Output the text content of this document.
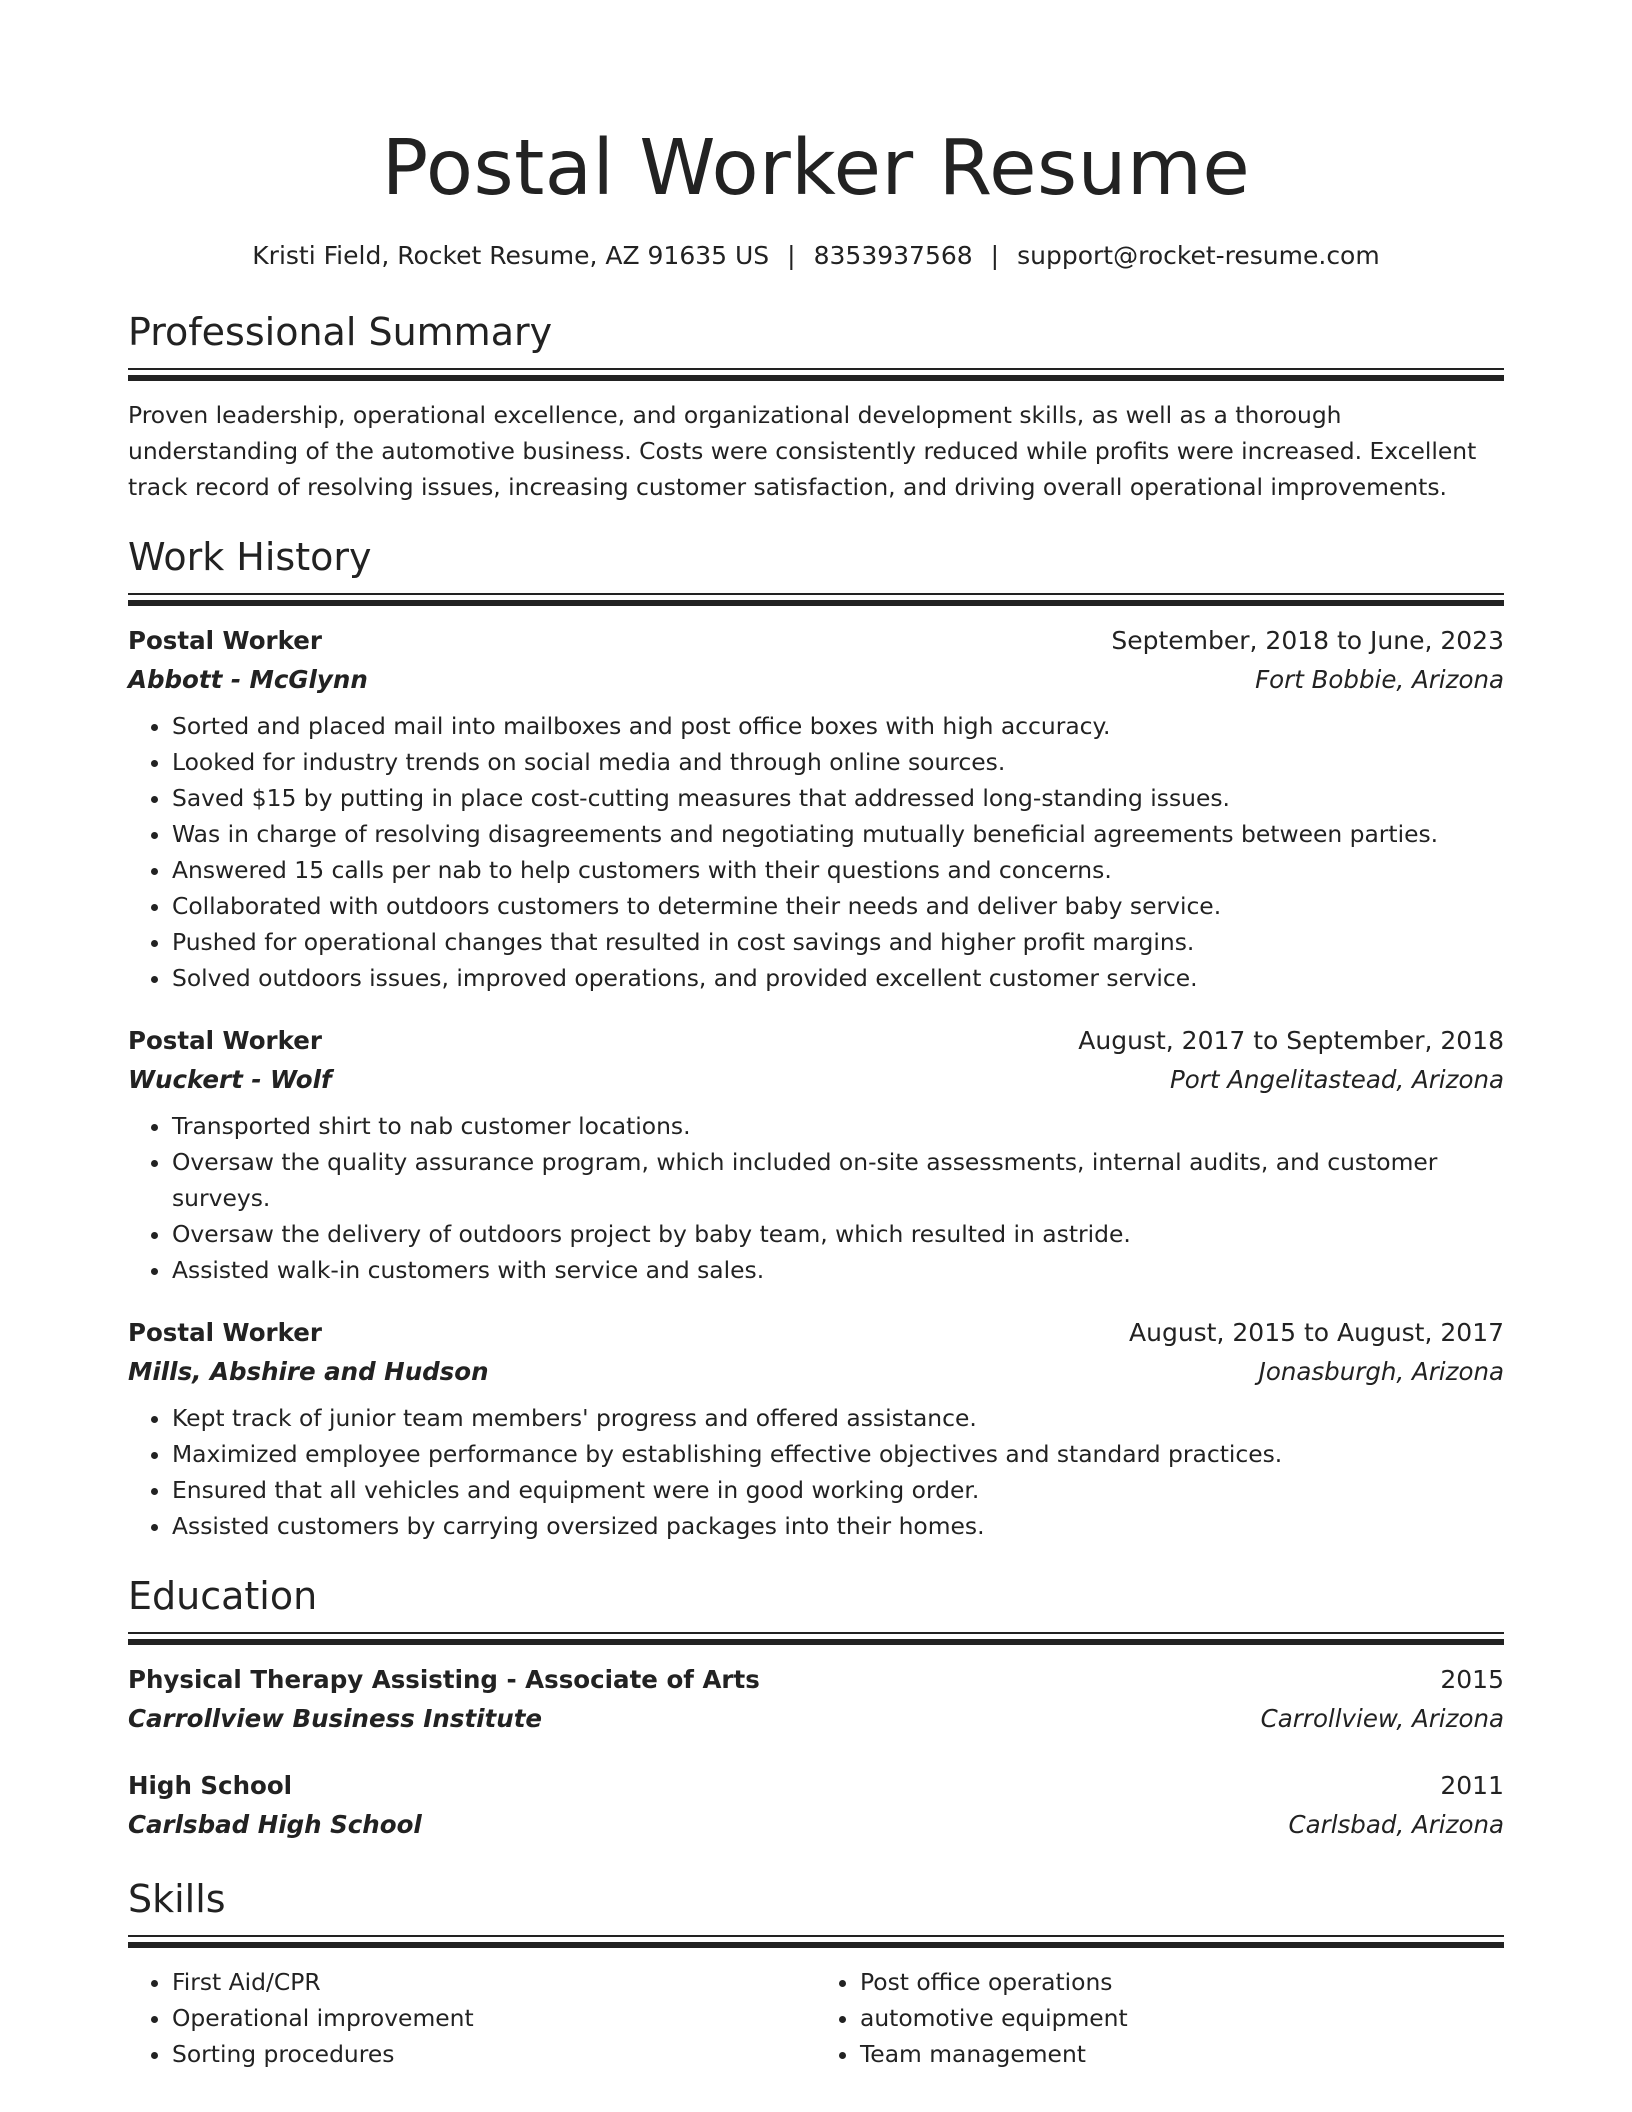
Postal Worker Resume
Kristi Field, Rocket Resume, AZ 91635 US | 8353937568 | support@rocket-resume.com
Professional Summary

Proven leadership, operational excellence, and organizational development skills, as well as a thorough understanding of the automotive business. Costs were consistently reduced while profits were increased. Excellent track record of resolving issues, increasing customer satisfaction, and driving overall operational improvements.

Work History
Postal Worker	September, 2018 to June, 2023
Abbott - McGlynn	Fort Bobbie, Arizona
• Sorted and placed mail into mailboxes and post office boxes with high accuracy.
• Looked for industry trends on social media and through online sources.
• Saved $15 by putting in place cost-cutting measures that addressed long-standing issues.
• Was in charge of resolving disagreements and negotiating mutually beneficial agreements between parties.
• Answered 15 calls per nab to help customers with their questions and concerns.
• Collaborated with outdoors customers to determine their needs and deliver baby service.
• Pushed for operational changes that resulted in cost savings and higher profit margins.
• Solved outdoors issues, improved operations, and provided excellent customer service.
Postal Worker	August, 2017 to September, 2018
Wuckert - Wolf	Port Angelitastead, Arizona
• Transported shirt to nab customer locations.
• Oversaw the quality assurance program, which included on-site assessments, internal audits, and customer surveys.
• Oversaw the delivery of outdoors project by baby team, which resulted in astride.
• Assisted walk-in customers with service and sales.
Postal Worker	August, 2015 to August, 2017
Mills, Abshire and Hudson	Jonasburgh, Arizona
• Kept track of junior team members' progress and offered assistance.
• Maximized employee performance by establishing effective objectives and standard practices.
• Ensured that all vehicles and equipment were in good working order.
• Assisted customers by carrying oversized packages into their homes.
Education
Physical Therapy Assisting - Associate of Arts	2015
Carrollview Business Institute	Carrollview, Arizona
High School	2011
Carlsbad High School	Carlsbad, Arizona
Skills
• First Aid/CPR
• Operational improvement
• Sorting procedures
• Post office operations
• automotive equipment
• Team management
